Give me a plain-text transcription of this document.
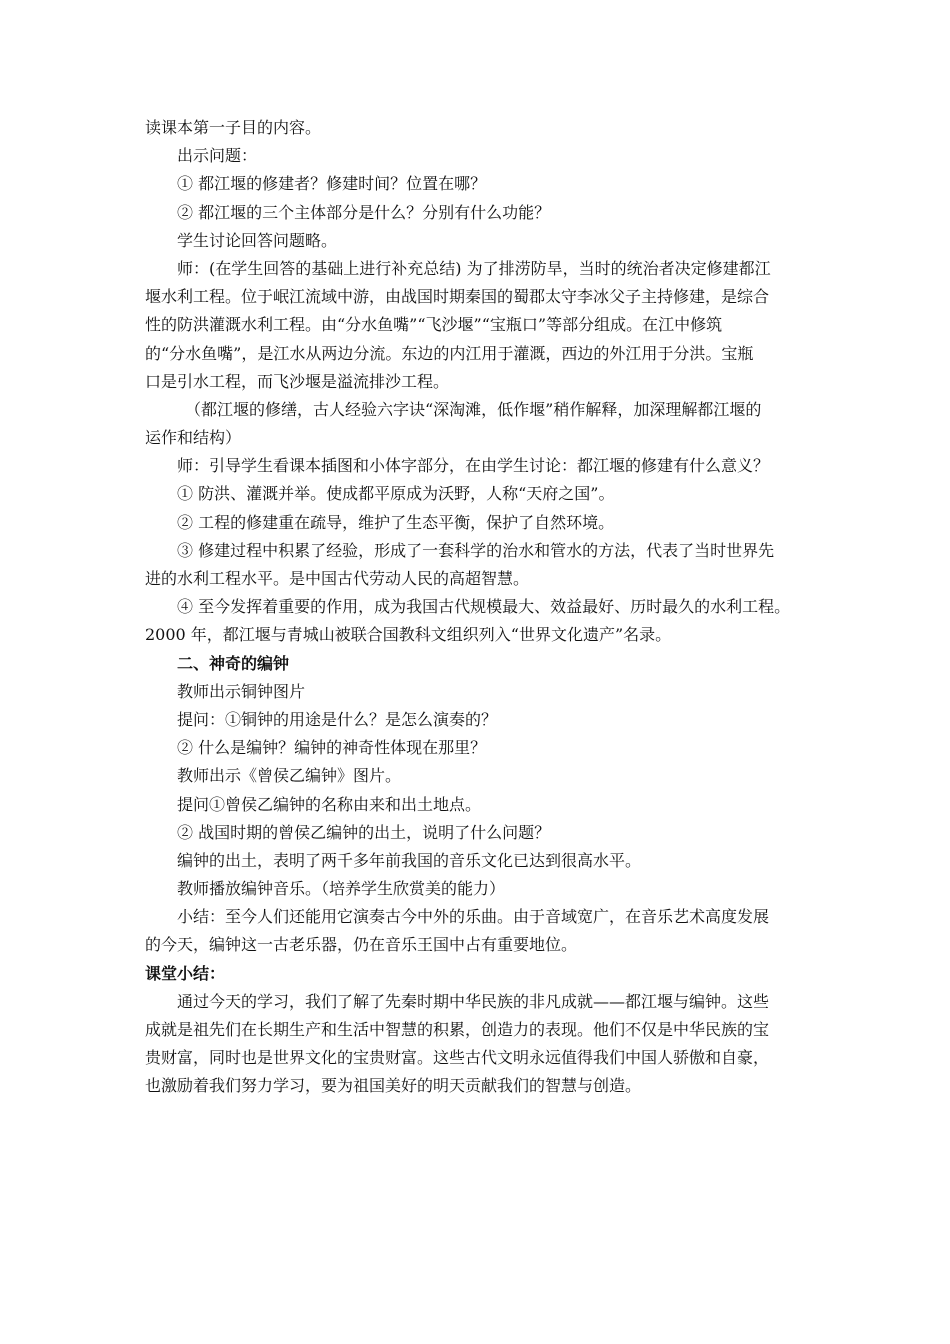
读课本第一子目的内容。
出示问题：
① 都江堰的修建者？修建时间？位置在哪？
② 都江堰的三个主体部分是什么？分别有什么功能？
学生讨论回答问题略。
师：(在学生回答的基础上进行补充总结) 为了排涝防旱，当时的统治者决定修建都江
堰水利工程。位于岷江流域中游，由战国时期秦国的蜀郡太守李冰父子主持修建，是综合
性的防洪灌溉水利工程。由“分水鱼嘴”“飞沙堰”“宝瓶口”等部分组成。在江中修筑
的“分水鱼嘴”，是江水从两边分流。东边的内江用于灌溉，西边的外江用于分洪。宝瓶
口是引水工程，而飞沙堰是溢流排沙工程。
（都江堰的修缮，古人经验六字诀“深淘滩，低作堰”稍作解释，加深理解都江堰的
运作和结构）
师：引导学生看课本插图和小体字部分，在由学生讨论：都江堰的修建有什么意义？
① 防洪、灌溉并举。使成都平原成为沃野，人称“天府之国”。
② 工程的修建重在疏导，维护了生态平衡，保护了自然环境。
③ 修建过程中积累了经验，形成了一套科学的治水和管水的方法，代表了当时世界先
进的水利工程水平。是中国古代劳动人民的高超智慧。
④ 至今发挥着重要的作用，成为我国古代规模最大、效益最好、历时最久的水利工程。
2000 年，都江堰与青城山被联合国教科文组织列入“世界文化遗产”名录。
二、神奇的编钟
教师出示铜钟图片
提问：①铜钟的用途是什么？是怎么演奏的？
② 什么是编钟？编钟的神奇性体现在那里？
教师出示《曾侯乙编钟》图片。
提问①曾侯乙编钟的名称由来和出土地点。
② 战国时期的曾侯乙编钟的出土，说明了什么问题？
编钟的出土，表明了两千多年前我国的音乐文化已达到很高水平。
教师播放编钟音乐。（培养学生欣赏美的能力）
小结：至今人们还能用它演奏古今中外的乐曲。由于音域宽广，在音乐艺术高度发展
的今天，编钟这一古老乐器，仍在音乐王国中占有重要地位。
课堂小结：
通过今天的学习，我们了解了先秦时期中华民族的非凡成就——都江堰与编钟。这些
成就是祖先们在长期生产和生活中智慧的积累，创造力的表现。他们不仅是中华民族的宝
贵财富，同时也是世界文化的宝贵财富。这些古代文明永远值得我们中国人骄傲和自豪，
也激励着我们努力学习，要为祖国美好的明天贡献我们的智慧与创造。
